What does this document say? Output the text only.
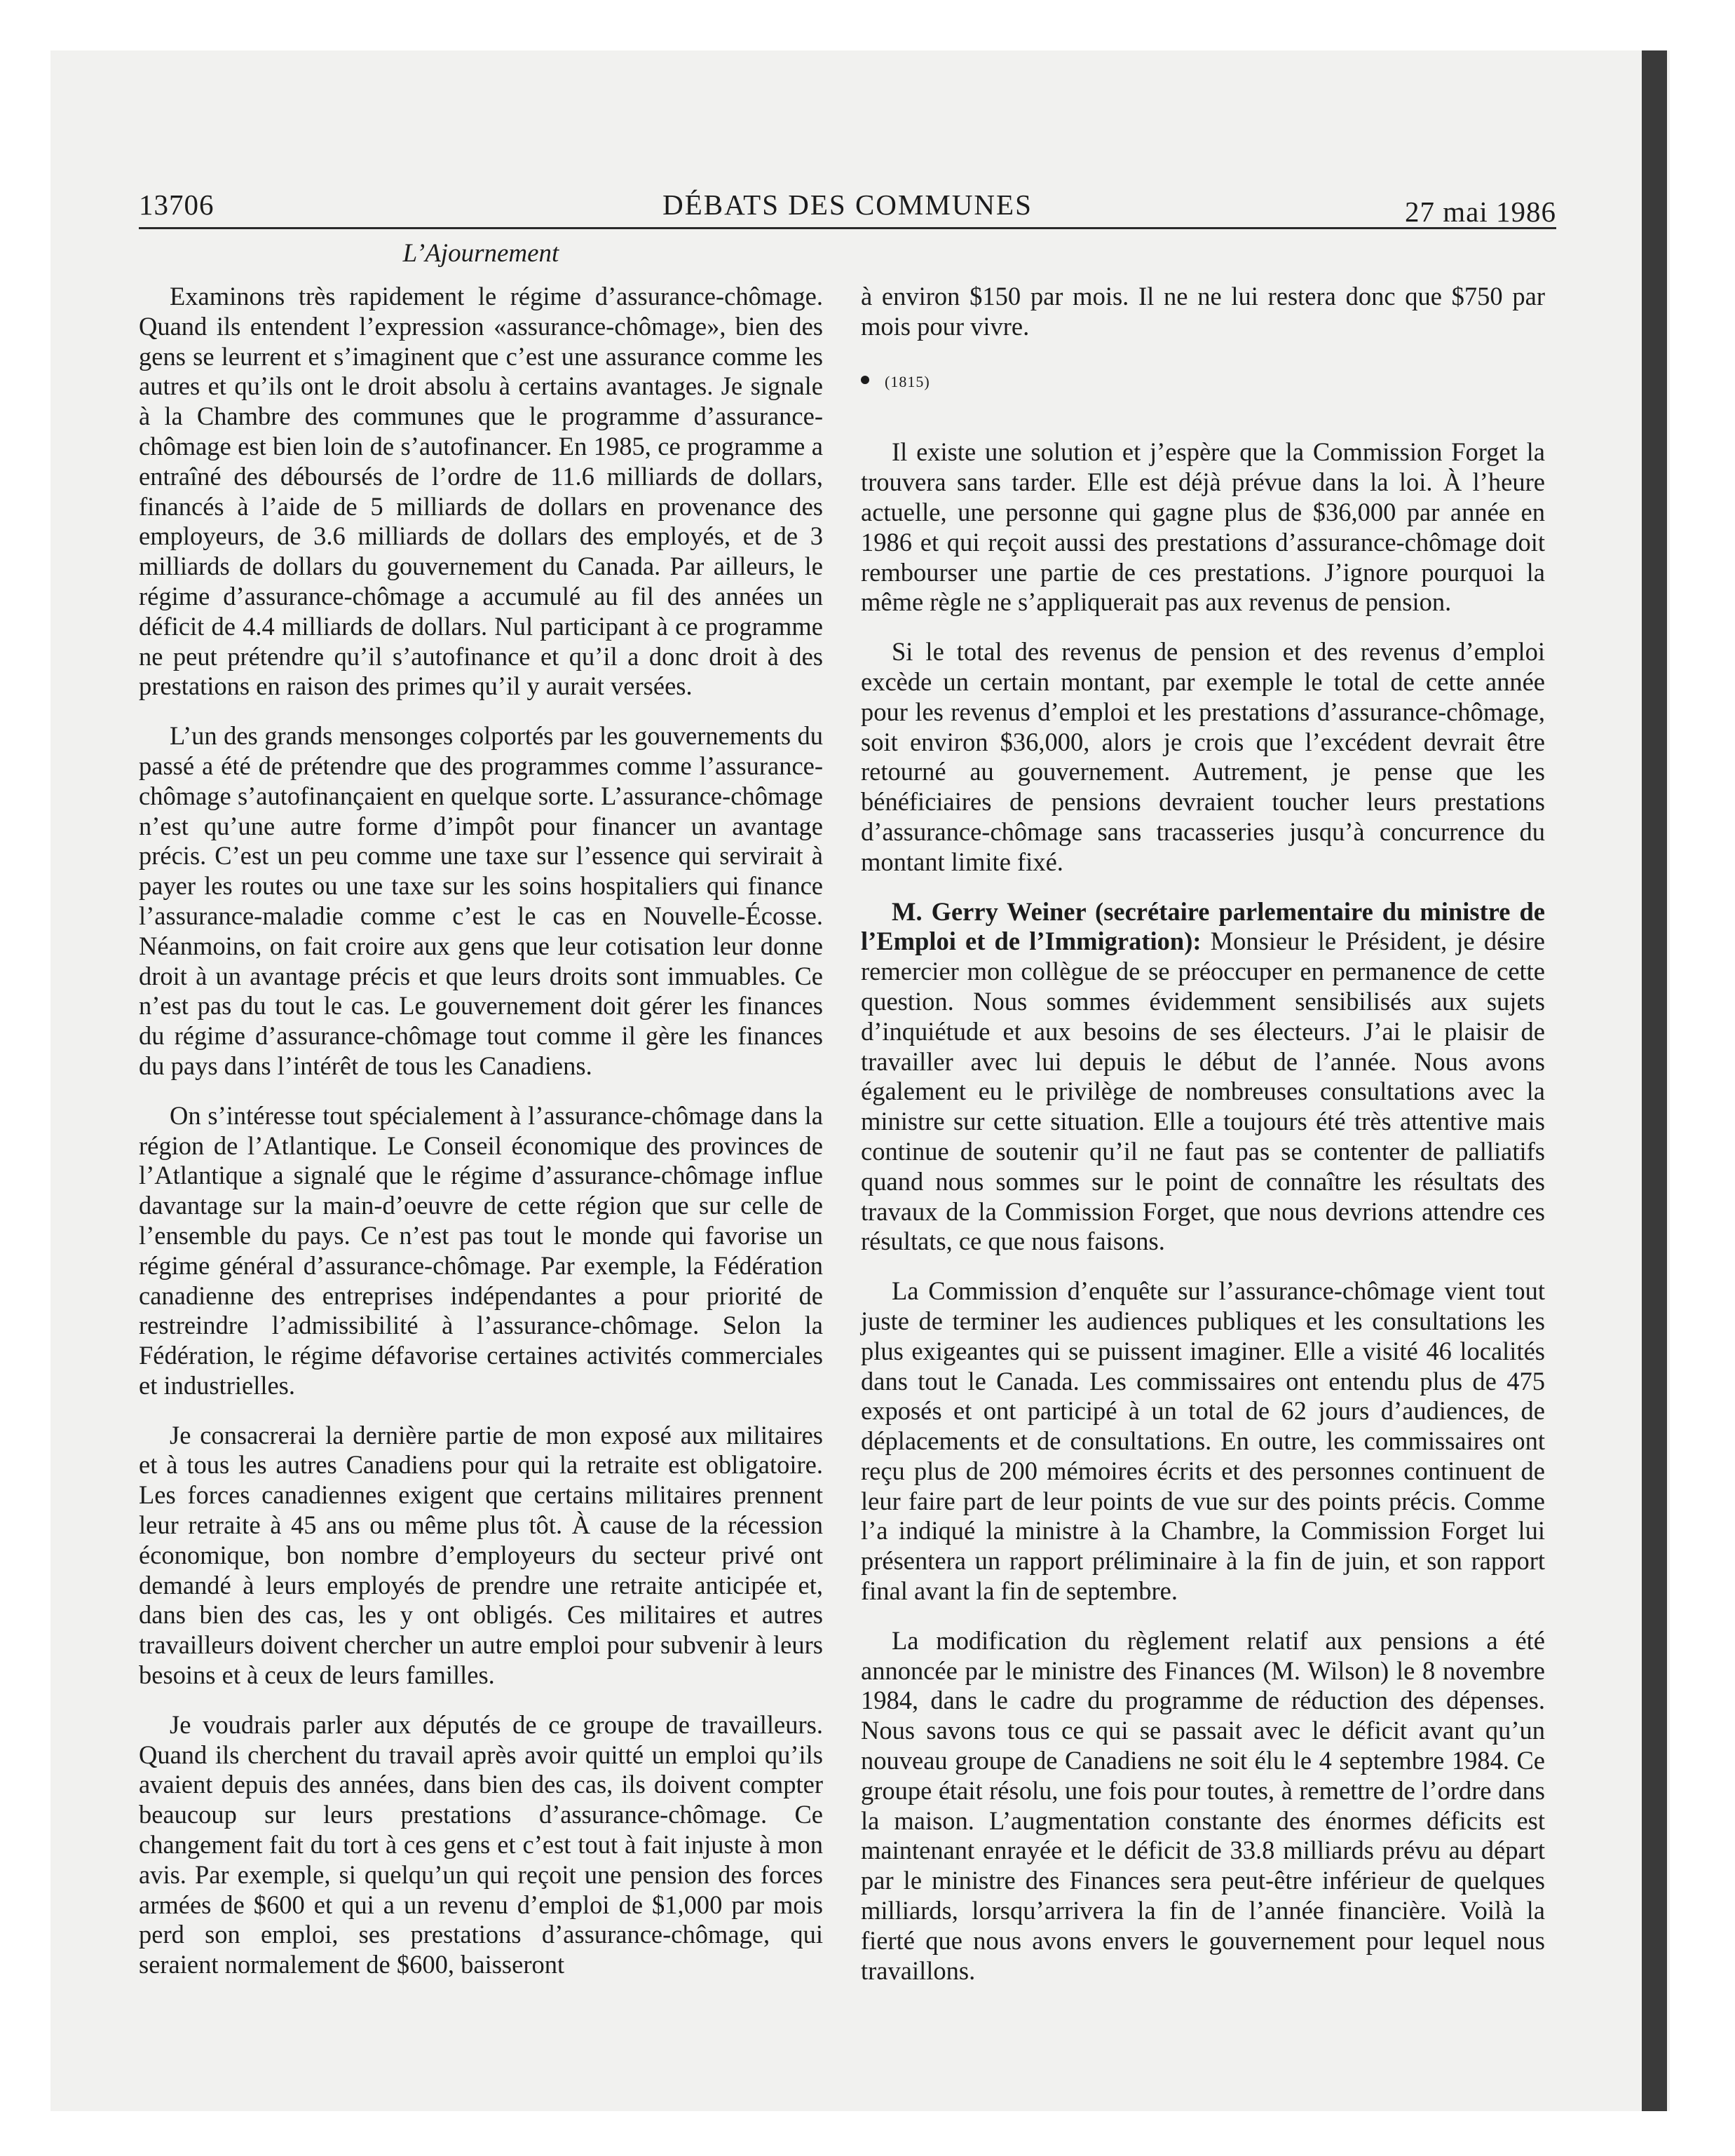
13706	DÉBATS DES COMMUNES	27 mai 1986
L’Ajournement

Examinons très rapidement le régime d’assurance-chômage. Quand ils entendent l’expression «assurance-chômage», bien des gens se leurrent et s’imaginent que c’est une assurance comme les autres et qu’ils ont le droit absolu à certains avantages. Je signale à la Chambre des communes que le programme d’assurance-chômage est bien loin de s’autofinancer. En 1985, ce programme a entraîné des déboursés de l’ordre de 11.6 milliards de dollars, financés à l’aide de 5 milliards de dollars en provenance des employeurs, de 3.6 milliards de dollars des employés, et de 3 milliards de dollars du gouvernement du Canada. Par ailleurs, le régime d’assurance-chômage a accumulé au fil des années un déficit de 4.4 milliards de dollars. Nul participant à ce programme ne peut prétendre qu’il s’autofinance et qu’il a donc droit à des prestations en raison des primes qu’il y aurait versées.

L’un des grands mensonges colportés par les gouvernements du passé a été de prétendre que des programmes comme l’assurance-chômage s’autofinançaient en quelque sorte. L’assurance-chômage n’est qu’une autre forme d’impôt pour financer un avantage précis. C’est un peu comme une taxe sur l’essence qui servirait à payer les routes ou une taxe sur les soins hospitaliers qui finance l’assurance-maladie comme c’est le cas en Nouvelle-Écosse. Néanmoins, on fait croire aux gens que leur cotisation leur donne droit à un avantage précis et que leurs droits sont immuables. Ce n’est pas du tout le cas. Le gouvernement doit gérer les finances du régime d’assurance-chômage tout comme il gère les finances du pays dans l’intérêt de tous les Canadiens.

On s’intéresse tout spécialement à l’assurance-chômage dans la région de l’Atlantique. Le Conseil économique des provinces de l’Atlantique a signalé que le régime d’assurance-chômage influe davantage sur la main-d’oeuvre de cette région que sur celle de l’ensemble du pays. Ce n’est pas tout le monde qui favorise un régime général d’assurance-chômage. Par exemple, la Fédération canadienne des entreprises indépendantes a pour priorité de restreindre l’admissibilité à l’assurance-chômage. Selon la Fédération, le régime défavorise certaines activités commerciales et industrielles.

Je consacrerai la dernière partie de mon exposé aux militaires et à tous les autres Canadiens pour qui la retraite est obligatoire. Les forces canadiennes exigent que certains militaires prennent leur retraite à 45 ans ou même plus tôt. À cause de la récession économique, bon nombre d’employeurs du secteur privé ont demandé à leurs employés de prendre une retraite anticipée et, dans bien des cas, les y ont obligés. Ces militaires et autres travailleurs doivent chercher un autre emploi pour subvenir à leurs besoins et à ceux de leurs familles.

Je voudrais parler aux députés de ce groupe de travailleurs. Quand ils cherchent du travail après avoir quitté un emploi qu’ils avaient depuis des années, dans bien des cas, ils doivent compter beaucoup sur leurs prestations d’assurance-chômage. Ce changement fait du tort à ces gens et c’est tout à fait injuste à mon avis. Par exemple, si quelqu’un qui reçoit une pension des forces armées de $600 et qui a un revenu d’emploi de $1,000 par mois perd son emploi, ses prestations d’assurance-chômage, qui seraient normalement de $600, baisseront

à environ $150 par mois. Il ne ne lui restera donc que $750 par mois pour vivre.

(1815)

Il existe une solution et j’espère que la Commission Forget la trouvera sans tarder. Elle est déjà prévue dans la loi. À l’heure actuelle, une personne qui gagne plus de $36,000 par année en 1986 et qui reçoit aussi des prestations d’assurance-chômage doit rembourser une partie de ces prestations. J’ignore pourquoi la même règle ne s’appliquerait pas aux revenus de pension.

Si le total des revenus de pension et des revenus d’emploi excède un certain montant, par exemple le total de cette année pour les revenus d’emploi et les prestations d’assurance-chômage, soit environ $36,000, alors je crois que l’excédent devrait être retourné au gouvernement. Autrement, je pense que les bénéficiaires de pensions devraient toucher leurs prestations d’assurance-chômage sans tracasseries jusqu’à concurrence du montant limite fixé.

M. Gerry Weiner (secrétaire parlementaire du ministre de l’Emploi et de l’Immigration): Monsieur le Président, je désire remercier mon collègue de se préoccuper en permanence de cette question. Nous sommes évidemment sensibilisés aux sujets d’inquiétude et aux besoins de ses électeurs. J’ai le plaisir de travailler avec lui depuis le début de l’année. Nous avons également eu le privilège de nombreuses consultations avec la ministre sur cette situation. Elle a toujours été très attentive mais continue de soutenir qu’il ne faut pas se contenter de palliatifs quand nous sommes sur le point de connaître les résultats des travaux de la Commission Forget, que nous devrions attendre ces résultats, ce que nous faisons.

La Commission d’enquête sur l’assurance-chômage vient tout juste de terminer les audiences publiques et les consultations les plus exigeantes qui se puissent imaginer. Elle a visité 46 localités dans tout le Canada. Les commissaires ont entendu plus de 475 exposés et ont participé à un total de 62 jours d’audiences, de déplacements et de consultations. En outre, les commissaires ont reçu plus de 200 mémoires écrits et des personnes continuent de leur faire part de leur points de vue sur des points précis. Comme l’a indiqué la ministre à la Chambre, la Commission Forget lui présentera un rapport préliminaire à la fin de juin, et son rapport final avant la fin de septembre.

La modification du règlement relatif aux pensions a été annoncée par le ministre des Finances (M. Wilson) le 8 novembre 1984, dans le cadre du programme de réduction des dépenses. Nous savons tous ce qui se passait avec le déficit avant qu’un nouveau groupe de Canadiens ne soit élu le 4 septembre 1984. Ce groupe était résolu, une fois pour toutes, à remettre de l’ordre dans la maison. L’augmentation constante des énormes déficits est maintenant enrayée et le déficit de 33.8 milliards prévu au départ par le ministre des Finances sera peut-être inférieur de quelques milliards, lorsqu’arrivera la fin de l’année financière. Voilà la fierté que nous avons envers le gouvernement pour lequel nous travaillons.
